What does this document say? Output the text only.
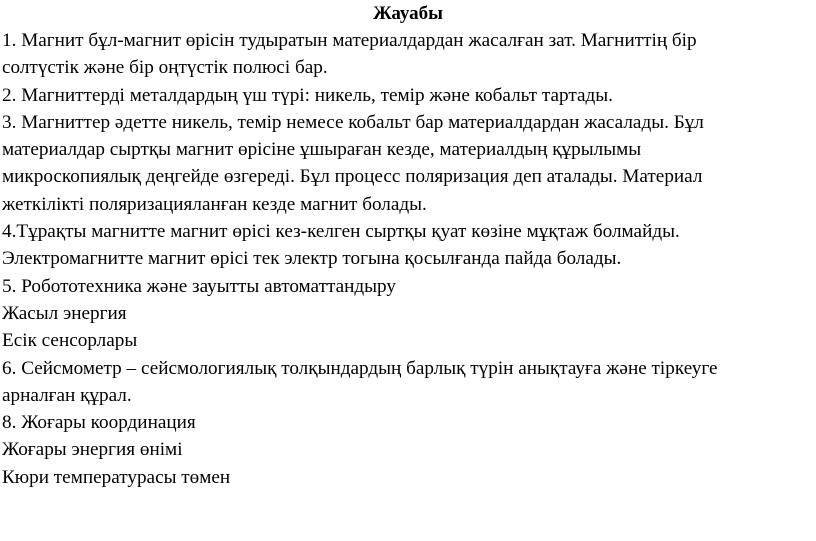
Жауабы
1. Магнит бұл-магнит өрісін тудыратын материалдардан жасалған зат. Магниттің бір
солтүстік және бір оңтүстік полюсі бар.
2. Магниттерді металдардың үш түрі: никель, темір және кобальт тартады.
3. Магниттер әдетте никель, темір немесе кобальт бар материалдардан жасалады. Бұл
материалдар сыртқы магнит өрісіне ұшыраған кезде, материалдың құрылымы
микроскопиялық деңгейде өзгереді. Бұл процесс поляризация деп аталады. Материал
жеткілікті поляризацияланған кезде магнит болады.
4.Тұрақты магнитте магнит өрісі кез-келген сыртқы қуат көзіне мұқтаж болмайды.
Электромагнитте магнит өрісі тек электр тогына қосылғанда пайда болады.
5. Робототехника және зауытты автоматтандыру
Жасыл энергия
Есік сенсорлары
6. Сейсмометр – сейсмологиялық толқындардың барлық түрін анықтауға және тіркеуге
арналған құрал.
8. Жоғары координация
Жоғары энергия өнімі
Кюри температурасы төмен
